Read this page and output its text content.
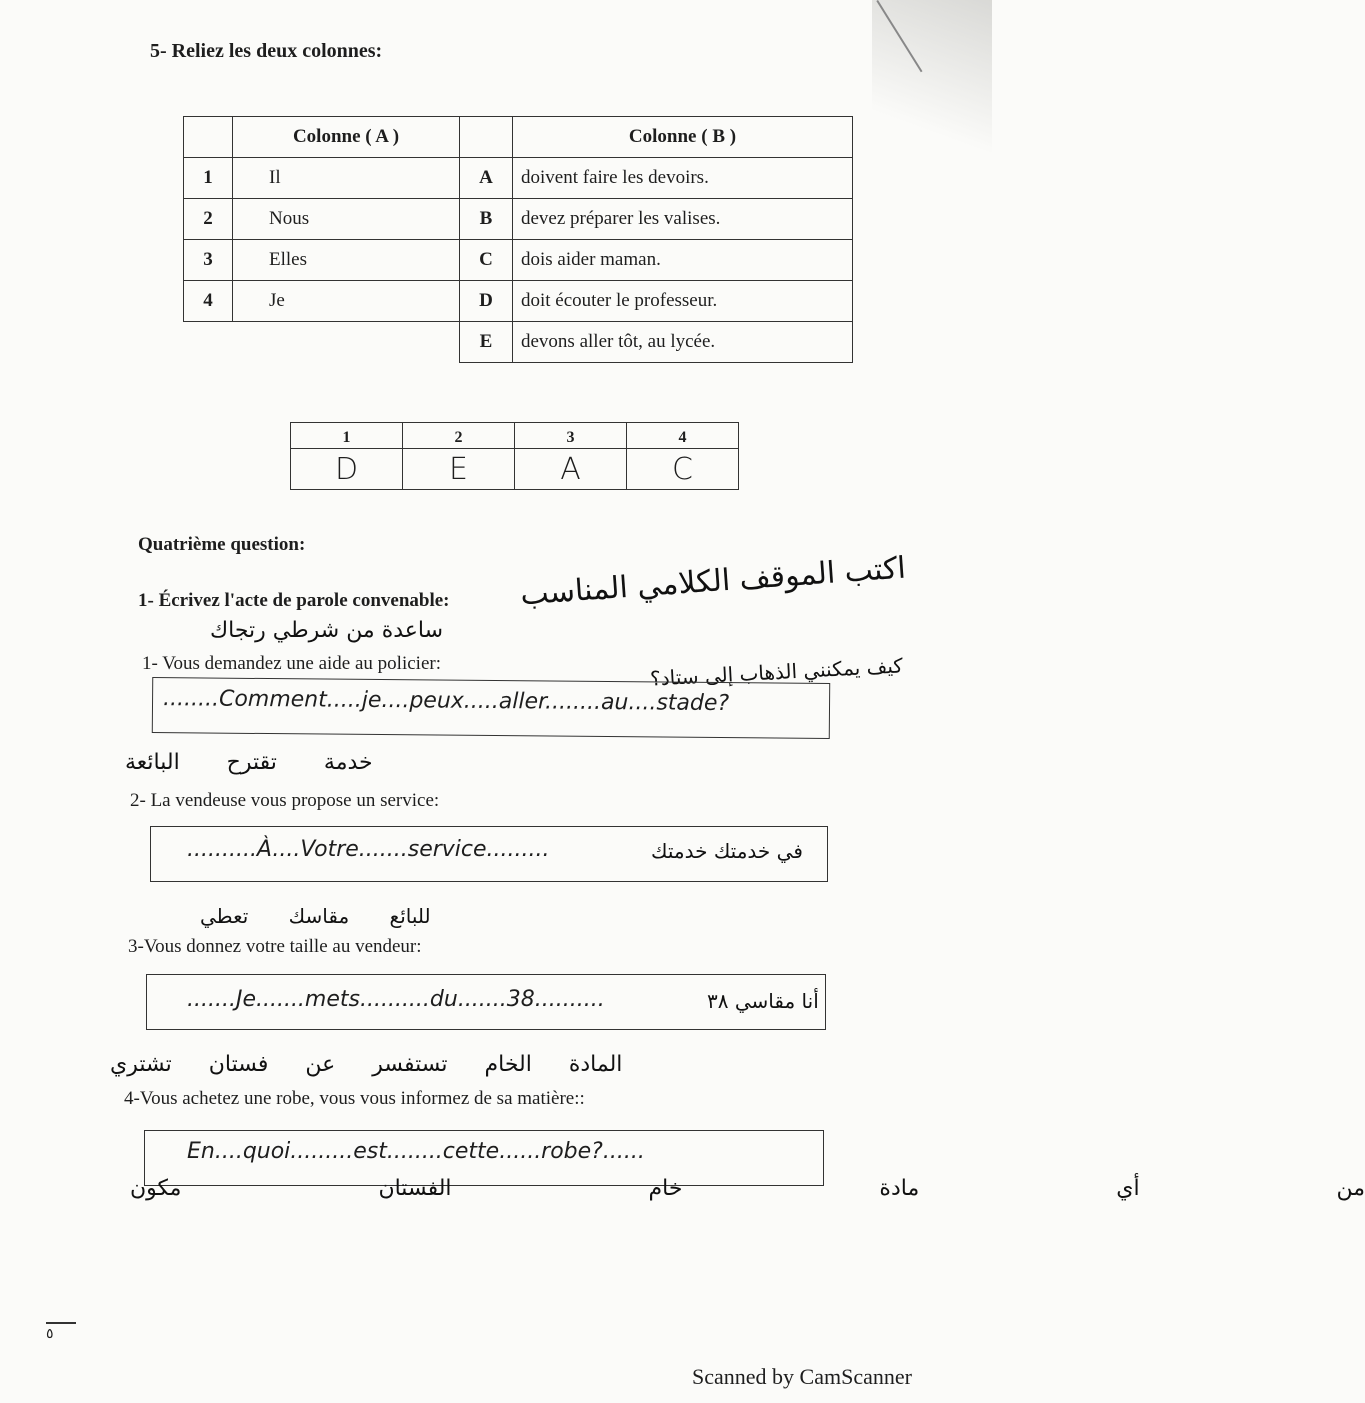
5- Reliez les deux colonnes:
	Colonne ( A )		Colonne ( B )
1	Il	A	doivent faire les devoirs.
2	Nous	B	devez préparer les valises.
3	Elles	C	dois aider maman.
4	Je	D	doit écouter le professeur.
		E	devons aller tôt, au lycée.
1	2	3	4
D	E	A	C
Quatrième question:
1- Écrivez l'acte de parole convenable: اكتب الموقف الكلامي المناسب
ساعدة من شرطي رتجاك
1- Vous demandez une aide au policier:	كيف يمكنني الذهاب إلى ستاد؟
........Comment.....je....peux.....aller........au....stade?
خدمة تقترح البائعة
2- La vendeuse vous propose un service:
..........À....Votre.......service.........	في خدمتك خدمتك
للبائع مقاسك تعطي
3-Vous donnez votre taille au vendeur:
.......Je.......mets..........du.......38..........	أنا مقاسي ٣٨
المادة الخام تستفسر عن فستان تشتري
4-Vous achetez une robe, vous vous informez de sa matière::
En....quoi.........est........cette......robe?......
من أي مادة خام الفستان مكون
٥
Scanned by CamScanner
